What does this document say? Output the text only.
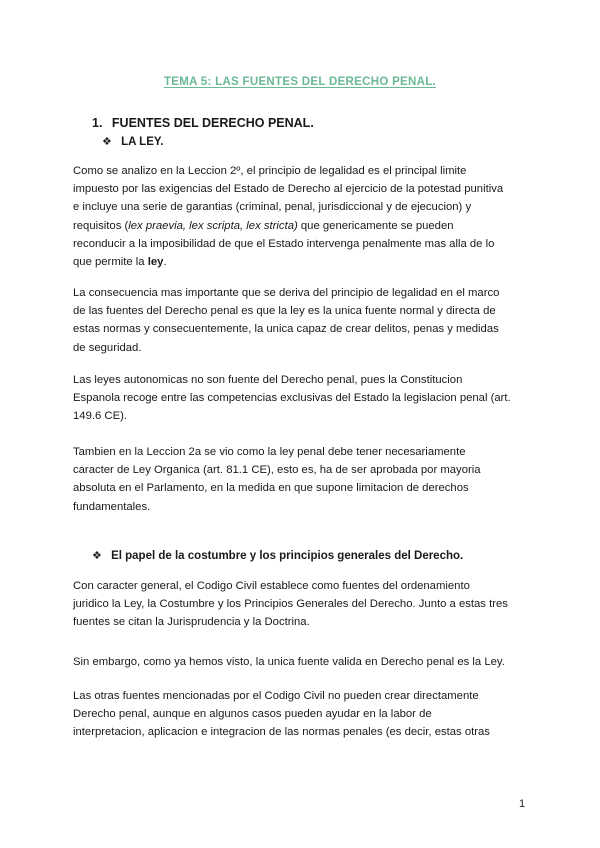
TEMA 5: LAS FUENTES DEL DERECHO PENAL.
1. FUENTES DEL DERECHO PENAL.
❖ LA LEY.
Como se analizo en la Leccion 2º, el principio de legalidad es el principal limite
impuesto por las exigencias del Estado de Derecho al ejercicio de la potestad punitiva
e incluye una serie de garantias (criminal, penal, jurisdiccional y de ejecucion) y
requisitos (lex praevia, lex scripta, lex stricta) que genericamente se pueden
reconducir a la imposibilidad de que el Estado intervenga penalmente mas alla de lo
que permite la ley.
La consecuencia mas importante que se deriva del principio de legalidad en el marco
de las fuentes del Derecho penal es que la ley es la unica fuente normal y directa de
estas normas y consecuentemente, la unica capaz de crear delitos, penas y medidas
de seguridad.
Las leyes autonomicas no son fuente del Derecho penal, pues la Constitucion
Espanola recoge entre las competencias exclusivas del Estado la legislacion penal (art.
149.6 CE).
Tambien en la Leccion 2a se vio como la ley penal debe tener necesariamente
caracter de Ley Organica (art. 81.1 CE), esto es, ha de ser aprobada por mayoria
absoluta en el Parlamento, en la medida en que supone limitacion de derechos
fundamentales.
❖ El papel de la costumbre y los principios generales del Derecho.
Con caracter general, el Codigo Civil establece como fuentes del ordenamiento
juridico la Ley, la Costumbre y los Principios Generales del Derecho. Junto a estas tres
fuentes se citan la Jurisprudencia y la Doctrina.
Sin embargo, como ya hemos visto, la unica fuente valida en Derecho penal es la Ley.
Las otras fuentes mencionadas por el Codigo Civil no pueden crear directamente
Derecho penal, aunque en algunos casos pueden ayudar en la labor de
interpretacion, aplicacion e integracion de las normas penales (es decir, estas otras
1
